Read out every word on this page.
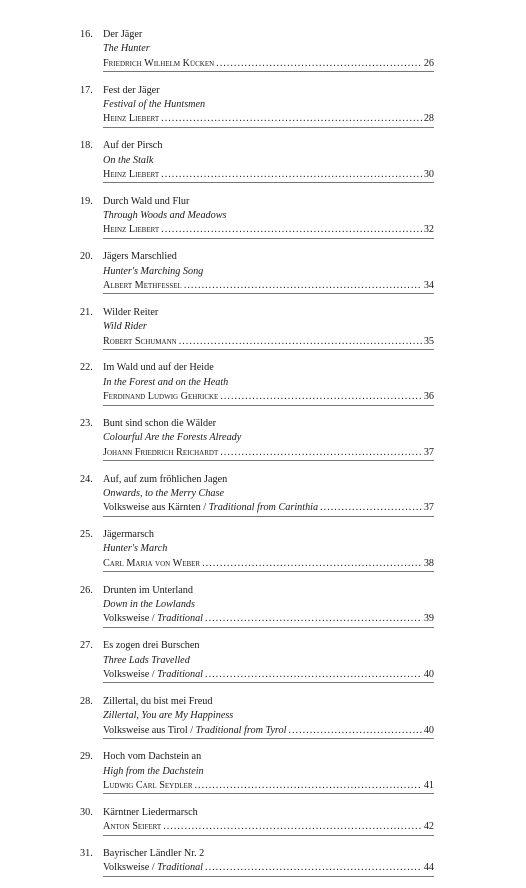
16. Der Jäger
The Hunter
Friedrich Wilhelm Kücken .....	26
17. Fest der Jäger
Festival of the Huntsmen
Heinz Liebert .....	28
18. Auf der Pirsch
On the Stalk
Heinz Liebert .....	30
19. Durch Wald und Flur
Through Woods and Meadows
Heinz Liebert .....	32
20. Jägers Marschlied
Hunter's Marching Song
Albert Methfessel .....	34
21. Wilder Reiter
Wild Rider
Robert Schumann .....	35
22. Im Wald und auf der Heide
In the Forest and on the Heath
Ferdinand Ludwig Gehricke .....	36
23. Bunt sind schon die Wälder
Colourful Are the Forests Already
Johann Friedrich Reichardt .....	37
24. Auf, auf zum fröhlichen Jagen
Onwards, to the Merry Chase
Volksweise aus Kärnten / Traditional from Carinthia .....	37
25. Jägermarsch
Hunter's March
Carl Maria von Weber .....	38
26. Drunten im Unterland
Down in the Lowlands
Volksweise / Traditional .....	39
27. Es zogen drei Burschen
Three Lads Travelled
Volksweise / Traditional .....	40
28. Zillertal, du bist mei Freud
Zillertal, You are My Happiness
Volksweise aus Tirol / Traditional from Tyrol .....	40
29. Hoch vom Dachstein an
High from the Dachstein
Ludwig Carl Seydler .....	41
30. Kärntner Liedermarsch
Anton Seifert .....	42
31. Bayrischer Ländler Nr. 2
Volksweise / Traditional .....	44
